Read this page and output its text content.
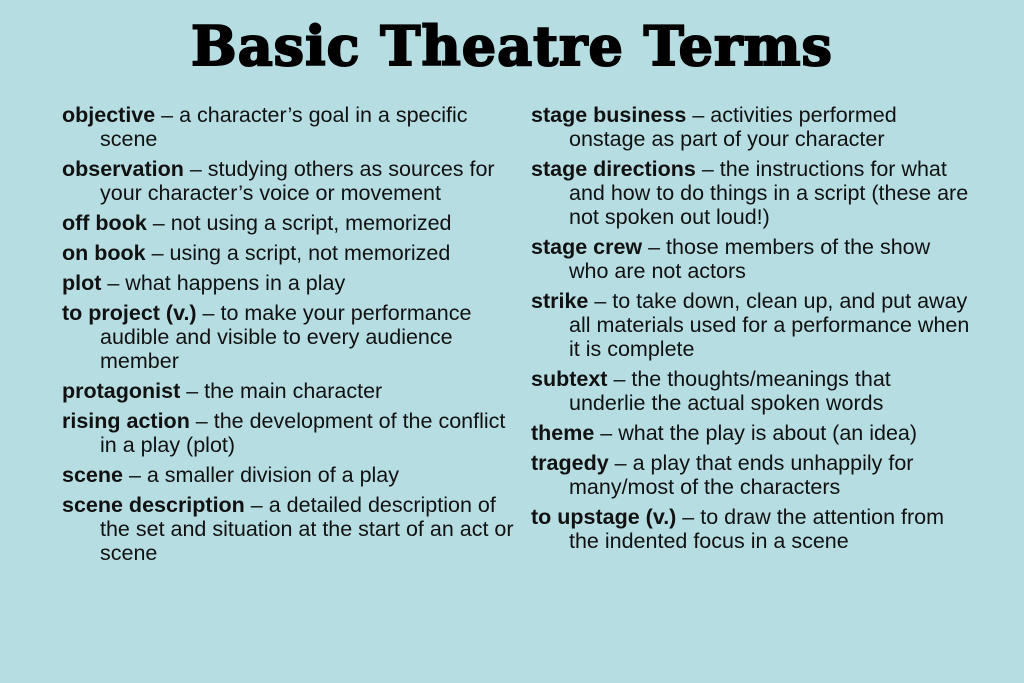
Basic Theatre Terms
objective – a character’s goal in a specific scene
observation – studying others as sources for your character’s voice or movement
off book – not using a script, memorized
on book – using a script, not memorized
plot – what happens in a play
to project (v.) – to make your performance audible and visible to every audience member
protagonist – the main character
rising action – the development of the conflict in a play (plot)
scene – a smaller division of a play
scene description – a detailed description of the set and situation at the start of an act or scene
stage business – activities performed onstage as part of your character
stage directions – the instructions for what and how to do things in a script (these are not spoken out loud!)
stage crew – those members of the show who are not actors
strike – to take down, clean up, and put away all materials used for a performance when it is complete
subtext – the thoughts/meanings that underlie the actual spoken words
theme – what the play is about (an idea)
tragedy – a play that ends unhappily for many/most of the characters
to upstage (v.) – to draw the attention from the indented focus in a scene
